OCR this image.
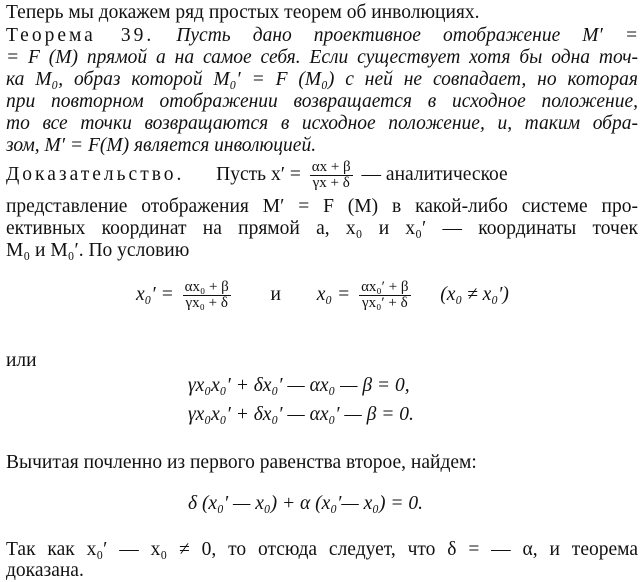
Теперь мы докажем ряд простых теорем об инволюциях.
Теорема 39. Пусть дано проективное отображение M′ =
= F (M) прямой a на самое себя. Если существует хотя бы одна точ-
ка M₀, образ которой M₀′ = F (M₀) с ней не совпадает, но которая
при повторном отображении возвращается в исходное положение,
то все точки возвращаются в исходное положение, и, таким обра-
зом, M′ = F(M) является инволюцией.
Доказательство. Пусть $x' = \frac{\alpha x + \beta}{\gamma x + \delta}$ — аналитическое
представление отображения M′ = F (M) в какой-либо системе про-
ективных координат на прямой a, x₀ и x₀′ — координаты точек
M₀ и M₀′. По условию
$x_0' = \frac{\text{αx₀ + β}}{\text{γx₀ + δ}}$ и $x_0 = \frac{\text{αx₀′ + β}}{\text{γx₀′ + δ}} (x_0 \ne x_0')$
или
γx₀x₀′ + δx₀′ — αx₀ — β = 0,
γx₀x₀′ + δx₀′ — αx₀′ — β = 0.
Вычитая почленно из первого равенства второе, найдем:
δ (x₀′ — x₀) + α (x₀′— x₀) = 0.
Так как x₀′ — x₀ ≠ 0, то отсюда следует, что δ = — α, и теорема
доказана.
